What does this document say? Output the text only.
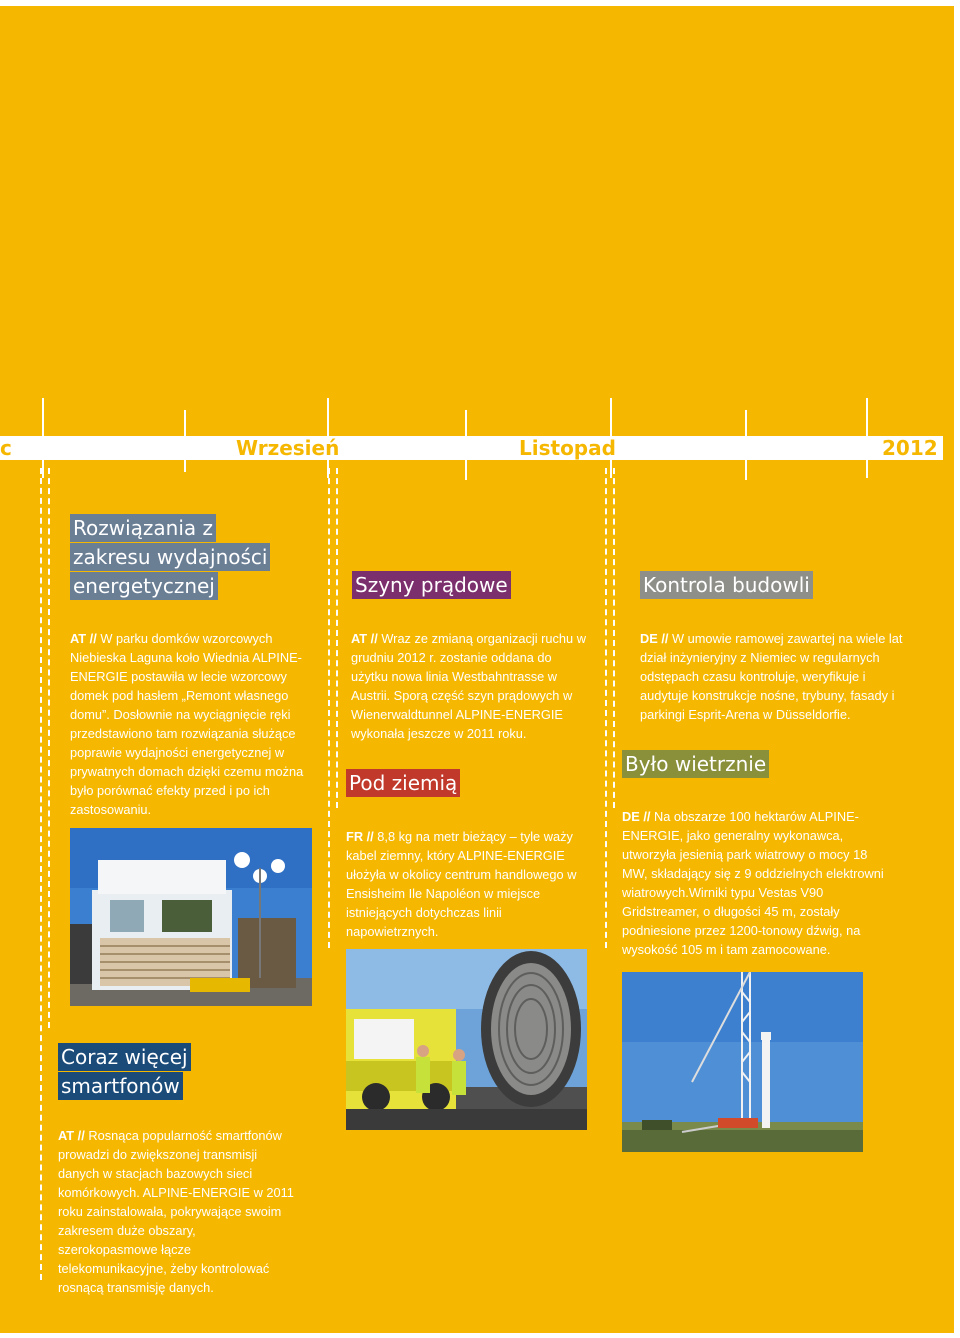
c	Wrzesień	Listopad	2012
Rozwiązania z
zakresu wydajności
energetycznej
AT // W parku domków wzorcowych Niebieska Laguna koło Wiednia ALPINE-ENERGIE postawiła w lecie wzorcowy domek pod hasłem „Remont własnego domu”. Dosłownie na wyciągnięcie ręki przedstawiono tam rozwiązania służące poprawie wydajności energetycznej w prywatnych domach dzięki czemu można było porównać efekty przed i po ich zastosowaniu.
Coraz więcej
smartfonów
AT // Rosnąca popularność smartfonów prowadzi do zwiększonej transmisji danych w stacjach bazowych sieci komórkowych. ALPINE-ENERGIE w 2011 roku zainstalowała, pokrywające swoim zakresem duże obszary, szerokopasmowe łącze telekomunikacyjne, żeby kontrolować rosnącą transmisję danych.
Szyny prądowe
AT // Wraz ze zmianą organizacji ruchu w grudniu 2012 r. zostanie oddana do użytku nowa linia Westbahntrasse w Austrii. Sporą część szyn prądowych w Wienerwaldtunnel ALPINE-ENERGIE wykonała jeszcze w 2011 roku.
Pod ziemią
FR // 8,8 kg na metr bieżący – tyle waży kabel ziemny, który ALPINE-ENERGIE ułożyła w okolicy centrum handlowego w Ensisheim Ile Napoléon w miejsce istniejących dotychczas linii napowietrznych.
Kontrola budowli
DE // W umowie ramowej zawartej na wiele lat dział inżynieryjny z Niemiec w regularnych odstępach czasu kontroluje, weryfikuje i audytuje konstrukcje nośne, trybuny, fasady i parkingi Esprit-Arena w Düsseldorfie.
Było wietrznie
DE // Na obszarze 100 hektarów ALPINE-ENERGIE, jako generalny wykonawca, utworzyła jesienią park wiatrowy o mocy 18 MW, składający się z 9 oddzielnych elektrowni wiatrowych.Wirniki typu Vestas V90 Gridstreamer, o długości 45 m, zostały podniesione przez 1200-tonowy dźwig, na wysokość 105 m i tam zamocowane.
